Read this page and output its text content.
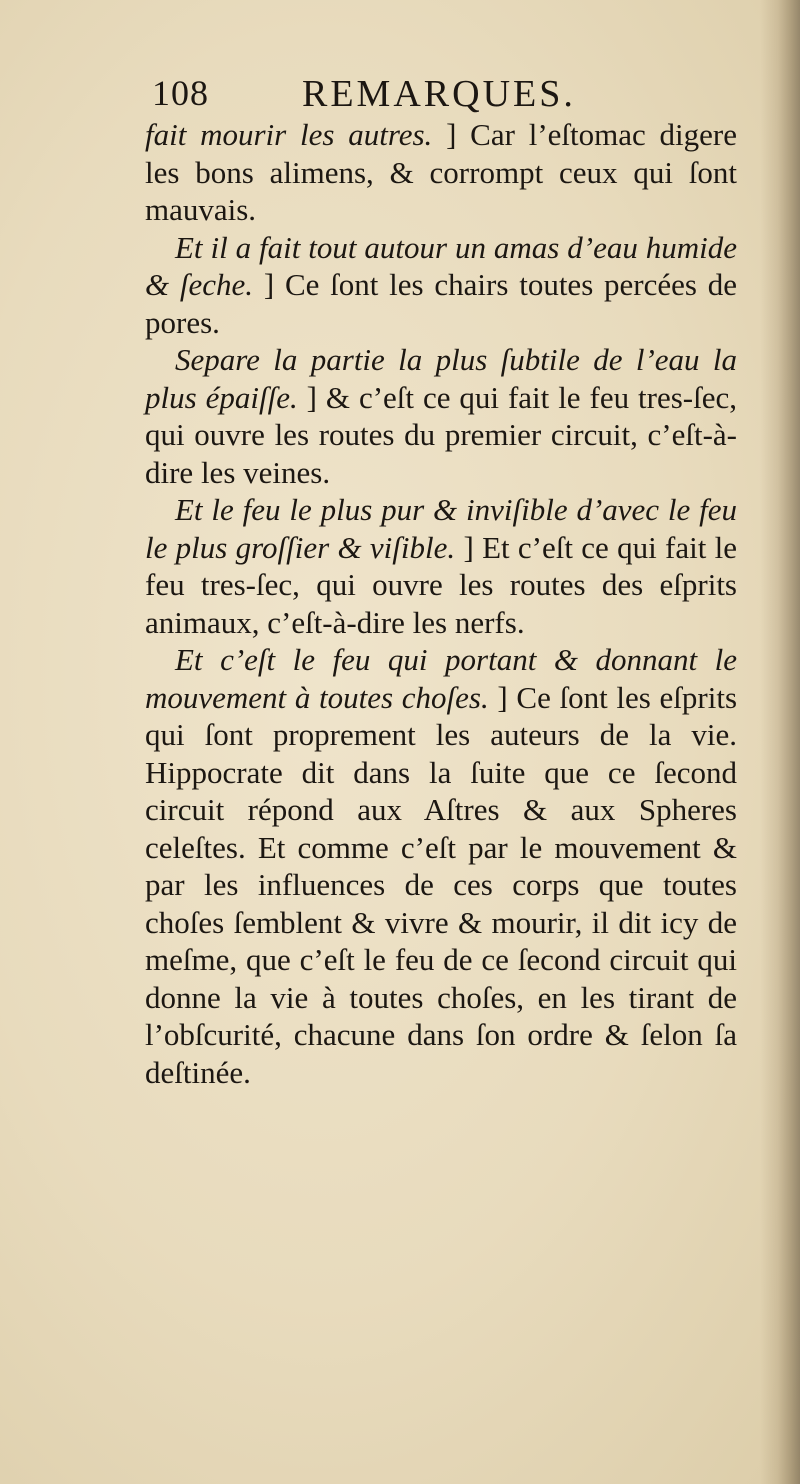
108 REMARQUES.

fait mourir les autres. ] Car l’eſtomac digere les bons alimens, & corrompt ceux qui ſont mauvais.

Et il a fait tout autour un amas d’eau humide & ſeche. ] Ce ſont les chairs toutes percées de pores.

Separe la partie la plus ſubtile de l’eau la plus épaiſſe. ] & c’eſt ce qui fait le feu tres-ſec, qui ouvre les routes du premier circuit, c’eſt-à-dire les veines.

Et le feu le plus pur & inviſible d’avec le feu le plus groſſier & viſible. ] Et c’eſt ce qui fait le feu tres-ſec, qui ouvre les routes des eſprits animaux, c’eſt-à-dire les nerfs.

Et c’eſt le feu qui portant & donnant le mouvement à toutes choſes. ] Ce ſont les eſprits qui ſont proprement les auteurs de la vie. Hippocrate dit dans la ſuite que ce ſecond circuit répond aux Aſtres & aux Spheres celeſtes. Et comme c’eſt par le mouvement & par les influences de ces corps que toutes choſes ſemblent & vivre & mourir, il dit icy de meſme, que c’eſt le feu de ce ſecond circuit qui donne la vie à toutes choſes, en les tirant de l’obſcurité, chacune dans ſon ordre & ſelon ſa deſtinée.
